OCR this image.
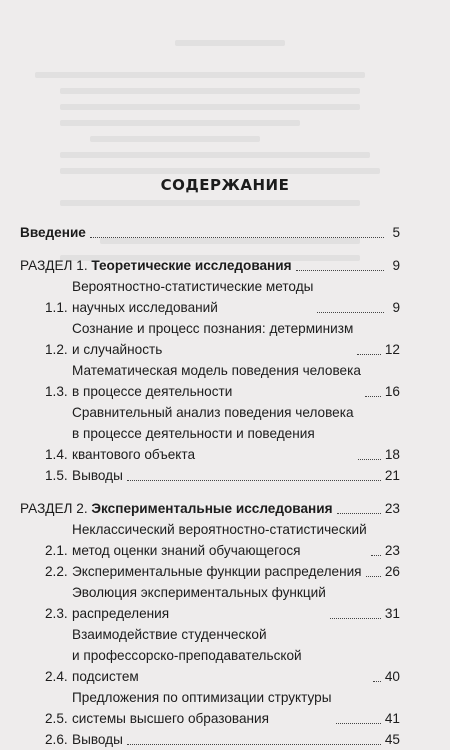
СОДЕРЖАНИЕ
Введение	5
РАЗДЕЛ 1. Теоретические исследования	9
1.1.
Вероятностно-статистические методы
научных исследований	9
1.2.
Сознание и процесс познания: детерминизм
и случайность	12
1.3.
Математическая модель поведения человека
в процессе деятельности	16
1.4.
Сравнительный анализ поведения человека
в процессе деятельности и поведения
квантового объекта	18
1.5. Выводы	21
РАЗДЕЛ 2. Экспериментальные исследования	23
2.1.
Неклассический вероятностно-статистический
метод оценки знаний обучающегося	23
2.2. Экспериментальные функции распределения 26
2.3.
Эволюция экспериментальных функций
распределения	31
2.4.
Взаимодействие студенческой
и профессорско-преподавательской подсистем	40
2.5.
Предложения по оптимизации структуры
системы высшего образования	41
2.6. Выводы	45
